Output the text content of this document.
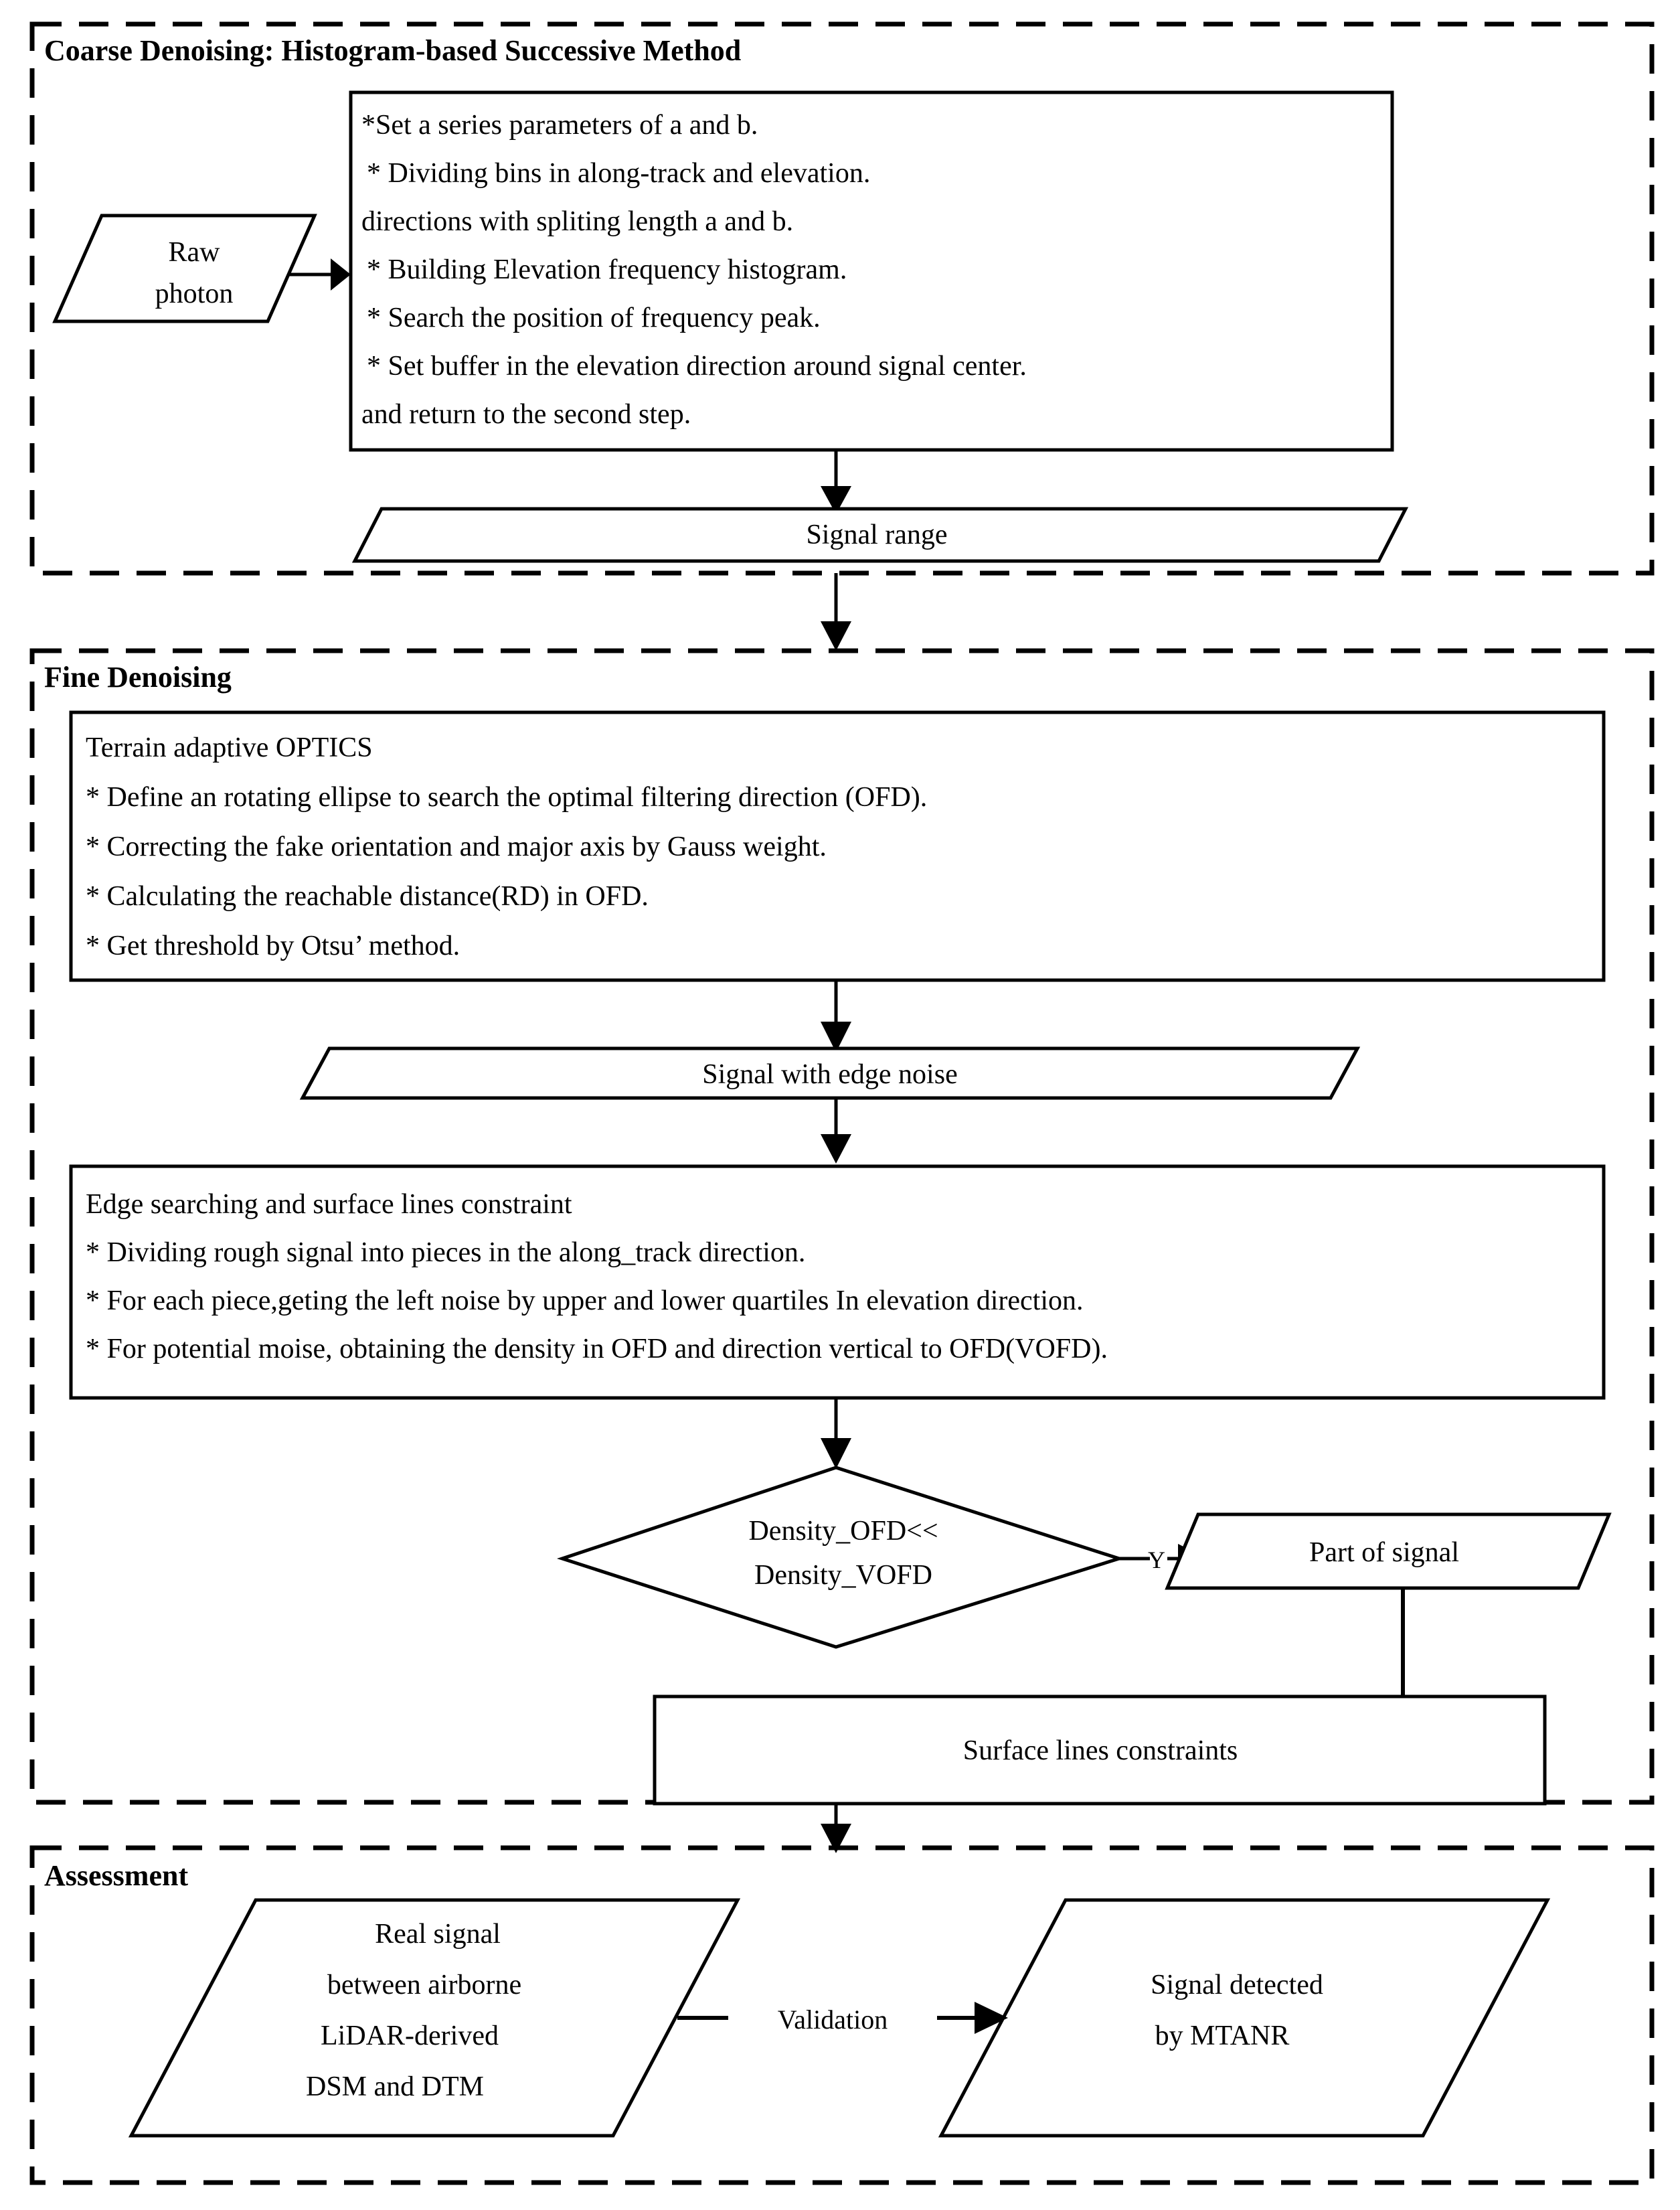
Coarse Denoising: Histogram-based Successive Method
Fine Denoising
Assessment
Raw
photon
*Set a series parameters of a and b.
* Dividing bins in along-track and elevation.
directions with spliting length a and b.
* Building Elevation frequency histogram.
* Search the position of frequency peak.
* Set buffer in the elevation direction around signal center.
and return to the second step.
Signal range
Terrain adaptive OPTICS
* Define an rotating ellipse to search the optimal filtering direction (OFD).
* Correcting the fake orientation and major axis by Gauss weight.
* Calculating the reachable distance(RD) in OFD.
* Get threshold by Otsu’ method.
Signal with edge noise
Edge searching and surface lines constraint
* Dividing rough signal into pieces in the along_track direction.
* For each piece,geting the left noise by upper and lower quartiles In elevation direction.
* For potential moise, obtaining the density in OFD and direction vertical to OFD(VOFD).
Density_OFD<<
Density_VOFD	Y	Part of signal
Surface lines constraints
Real signal
between airborne
LiDAR-derived
DSM and DTM
Validation
Signal detected
by MTANR
